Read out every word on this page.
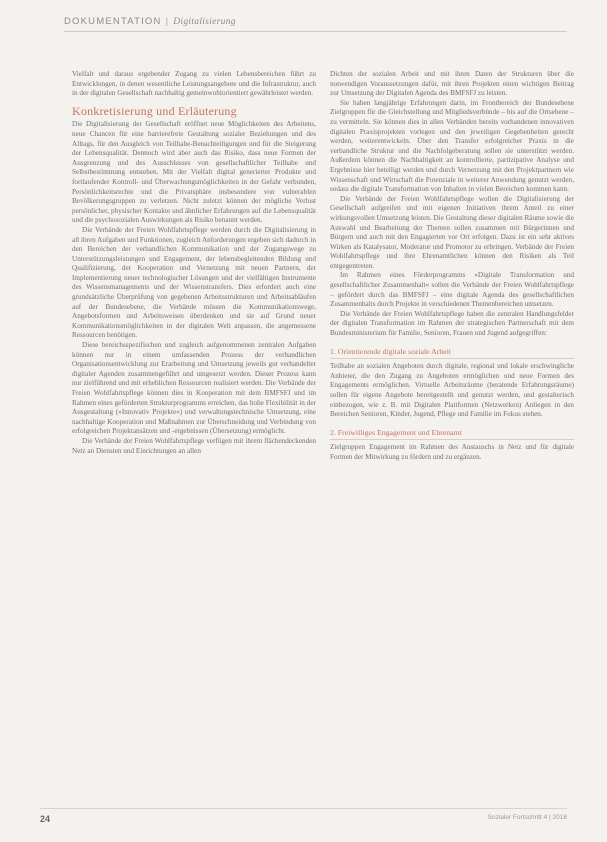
DOKUMENTATION | Digitalisierung

Vielfalt und daraus ergebender Zugang zu vielen Lebensbereichen führt zu Entwicklungen, in denen wesentliche Leistungsangebote und die Infrastruktur, auch in der digitalen Gesellschaft nachhaltig gemeinwohlorientiert gewährleistet werden.

Konkretisierung und Erläuterung

Die Digitalisierung der Gesellschaft eröffnet neue Möglichkeiten des Arbeitens, neue Chancen für eine barrierefreie Gestaltung sozialer Beziehungen und des Alltags, für den Ausgleich von Teilhabe-Benachteiligungen und für die Steigerung der Lebensqualität. Dennoch wird aber auch das Risiko, dass neue Formen der Ausgrenzung und des Ausschlusses von gesellschaftlicher Teilhabe und Selbstbestimmung entstehen. Mit der Vielfalt digital generierter Produkte und fortlaufender Kontroll- und Überwachungsmöglichkeiten in der Gefahr verbunden, Persönlichkeitsrechte und die Privatsphäre insbesondere von vulnerablen Bevölkerungsgruppen zu verletzen. Nicht zuletzt können der mögliche Verlust persönlicher, physischer Kontakte und ähnlicher Erfahrungen auf die Lebensqualität und die psychosozialen Auswirkungen als Risiko benannt werden.

Die Verbände der Freien Wohlfahrtspflege werden durch die Digitalisierung in all ihren Aufgaben und Funktionen, zugleich Anforderungen ergeben sich dadurch in den Bereichen der verbandlichen Kommunikation und der Zugangswege zu Unterstützungsleistungen und Engagement, der lebensbegleitenden Bildung und Qualifizierung, der Kooperation und Vernetzung mit neuen Partnern, der Implementierung neuer technologischer Lösungen und der vielfältigen Instrumente des Wissensmanagements und der Wissenstransfers. Dies erfordert auch eine grundsätzliche Überprüfung von gegebenen Arbeitsstrukturen und Arbeitsabläufen auf der Bundesebene, die Verbände müssen die Kommunikationswege, Angebotsformen und Arbeitsweisen überdenken und sie auf Grund neuer Kommunikationsmöglichkeiten in der digitalen Welt anpassen, die angemessene Ressourcen benötigen.

Diese bereichsspezifischen und zugleich aufgenommenen zentralen Aufgaben können nur in einem umfassenden Prozess der verbandlichen Organisationsentwicklung zur Erarbeitung und Umsetzung jeweils gut verhandelter digitaler Agenden zusammengeführt und umgesetzt werden. Dieser Prozess kann nur zielführend und mit erheblichen Ressourcen realisiert werden. Die Verbände der Freien Wohlfahrtspflege können dies in Kooperation mit dem BMFSFJ und im Rahmen eines geförderten Strukturprogramms erreichen, das hohe Flexibilität in der Ausgestaltung (»Innovativ Projekte«) und verwaltungstechnische Umsetzung, eine nachhaltige Kooperation und Maßnahmen zur Überschneidung und Verbindung von erfolgreichen Projektansätzen und -ergebnissen (Übersetzung) ermöglicht.

Die Verbände der Freien Wohlfahrtspflege verfügen mit ihrem flächendeckenden Netz an Diensten und Einrichtungen an allen

Dichten der sozialen Arbeit und mit ihren Daten der Strukturen über die notwendigen Voraussetzungen dafür, mit ihren Projekten einen wichtigen Beitrag zur Umsetzung der Digitalen Agenda des BMFSFJ zu leisten.

Sie haben langjährige Erfahrungen darin, im Frontbereich der Bundesebene Zielgruppen für die Gleichstellung und Mitgliedsverbünde – bis auf die Ortsebene – zu vermitteln. Sie können dies in allen Verbänden bereits vorhandenen innovativen digitalen Praxisprojekten vorlegen und den jeweiligen Gegebenheiten gerecht werden, weiterentwickeln. Über den Transfer erfolgreicher Praxis in die verbandliche Struktur und die Nachfolgeberatung sollen sie unterstützt werden. Außerdem können die Nachhaltigkeit an kontrollierte, partizipative Analyse und Ergebnisse hier beteiligt werden und durch Vernetzung mit den Projektpartnern wie Wissenschaft und Wirtschaft die Potenziale in weiterer Anwendung genutzt werden, sodass die digitale Transformation von Inhalten in vielen Bereichen kommen kann.

Die Verbände der Freien Wohlfahrtspflege wollen die Digitalisierung der Gesellschaft aufgreifen und mit eigenen Initiativen ihrem Anteil zu einer wirkungsvollen Umsetzung leisten. Die Gestaltung dieser digitalen Räume sowie die Auswahl und Bearbeitung der Themen sollen zusammen mit Bürgerinnen und Bürgern und auch mit den Engagierten vor Ort erfolgen. Dazu ist ein sehr aktives Wirken als Katalysator, Moderator und Promotor zu erbringen. Verbände der Freien Wohlfahrtspflege und ihre Ehrenamtlichen können den Risiken als Teil entgegentreten.

Im Rahmen eines Förderprogramms »Digitale Transformation und gesellschaftlicher Zusammenhalt« sollen die Verbände der Freien Wohlfahrtspflege – gefördert durch das BMFSFJ – eine digitale Agenda des gesellschaftlichen Zusammenhalts durch Projekte in verschiedenen Themenbereichen umsetzen.

Die Verbände der Freien Wohlfahrtspflege haben die zentralen Handlungsfelder der digitalen Transformation im Rahmen der strategischen Partnerschaft mit dem Bundesministerium für Familie, Senioren, Frauen und Jugend aufgegriffen:

1. Orientierende digitale soziale Arbeit

Teilhabe an sozialen Angeboten durch digitale, regional und lokale erschwingliche Anbieter, die den Zugang zu Angeboten ermöglichen und neue Formen des Engagements ermöglichen. Virtuelle Arbeitsräume (beratende Erfahrungsräume) sollen für eigene Angebote bereitgestellt und genutzt werden, und gestalterisch einbezogen, wie z. B. mit Digitalen Plattformen (Netzwerken) Anliegen in den Bereichen Senioren, Kinder, Jugend, Pflege und Familie im Fokus stehen.

2. Freiwilliges Engagement und Ehrenamt

Zielgruppen Engagement im Rahmen des Austauschs in Netz und für digitale Formen der Mitwirkung zu fördern und zu ergänzen.

24	Sozialer Fortschritt 4 | 2018
